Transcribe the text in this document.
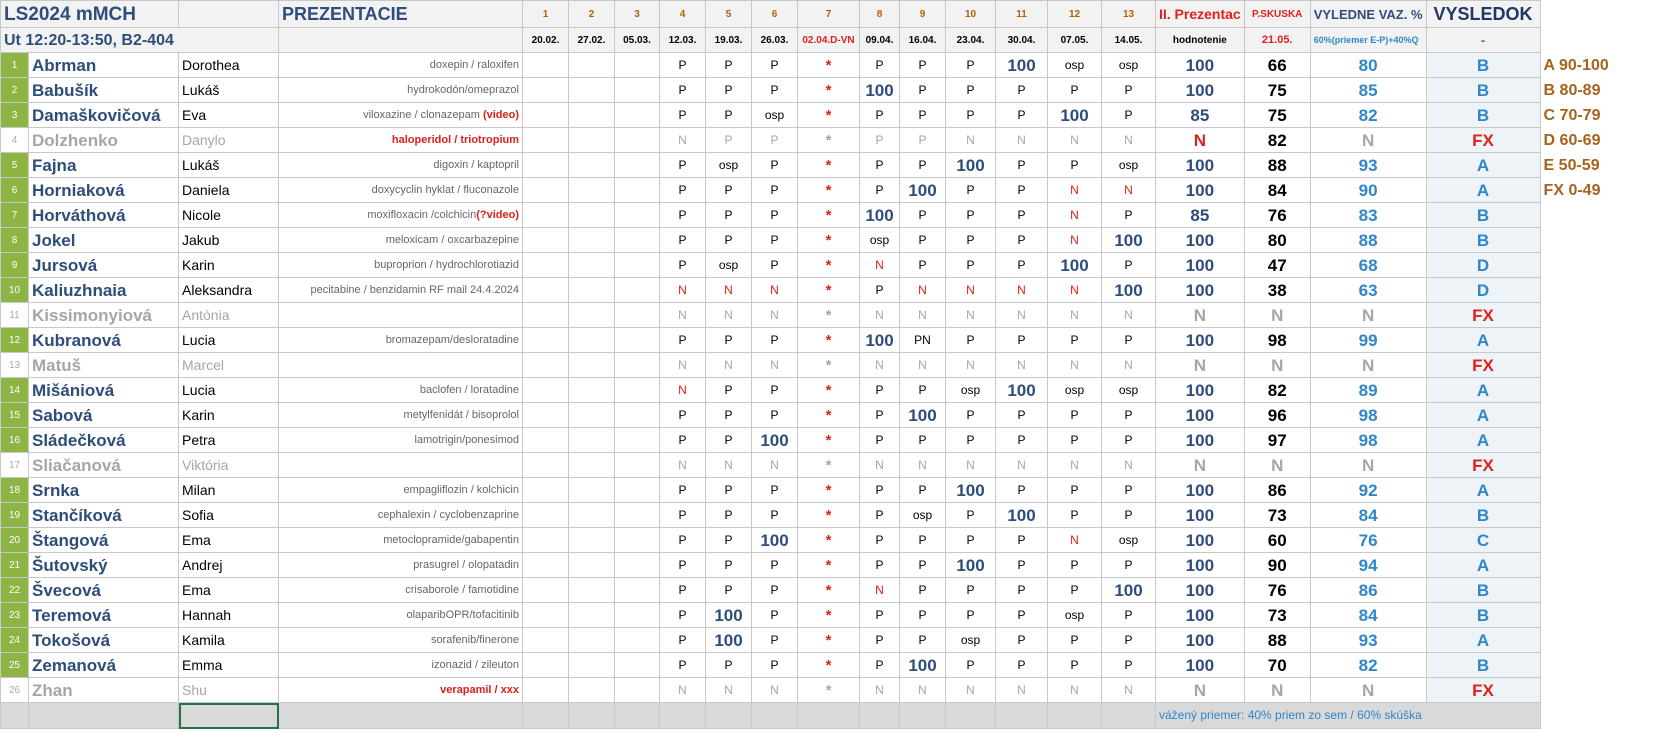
LS2024 mMCH			PREZENTACIE	1	2	3	4	5	6	7	8	9	10	11	12	13	II. Prezentac	P.SKUSKA	VYLEDNE VAZ. %	VYSLEDOK	
Ut 12:20-13:50, B2-404				20.02.	27.02.	05.03.	12.03.	19.03.	26.03.	02.04.D-VN	09.04.	16.04.	23.04.	30.04.	07.05.	14.05.	hodnotenie	21.05.	60%(priemer E-P)+40%Q	-	
1	Abrman	Dorothea	doxepin / raloxifen				P	P	P	*	P	P	P	100	osp	osp	100	66	80	B	A 90-100
2	Babušík	Lukáš	hydrokodón/omeprazol				P	P	P	*	100	P	P	P	P	P	100	75	85	B	B 80-89
3	Damaškovičová	Eva	viloxazine / clonazepam (video)				P	P	osp	*	P	P	P	P	100	P	85	75	82	B	C 70-79
4	Dolzhenko	Danylo	haloperidol / triotropium				N	P	P	*	P	P	N	N	N	N	N	82	N	FX	D 60-69
5	Fajna	Lukáš	digoxin / kaptopril				P	osp	P	*	P	P	100	P	P	osp	100	88	93	A	E 50-59
6	Horniaková	Daniela	doxycyclin hyklat / fluconazole				P	P	P	*	P	100	P	P	N	N	100	84	90	A	FX 0-49
7	Horváthová	Nicole	moxifloxacin /colchicin(?video)				P	P	P	*	100	P	P	P	N	P	85	76	83	B	
8	Jokel	Jakub	meloxicam / oxcarbazepine				P	P	P	*	osp	P	P	P	N	100	100	80	88	B	
9	Jursová	Karin	buproprion / hydrochlorotiazid				P	osp	P	*	N	P	P	P	100	P	100	47	68	D	
10	Kaliuzhnaia	Aleksandra	pecitabine / benzidamin RF mail 24.4.2024				N	N	N	*	P	N	N	N	N	100	100	38	63	D	
11	Kissimonyiová	Antónia					N	N	N	*	N	N	N	N	N	N	N	N	N	FX	
12	Kubranová	Lucia	bromazepam/desloratadine				P	P	P	*	100	PN	P	P	P	P	100	98	99	A	
13	Matuš	Marcel					N	N	N	*	N	N	N	N	N	N	N	N	N	FX	
14	Mišániová	Lucia	baclofen / loratadine				N	P	P	*	P	P	osp	100	osp	osp	100	82	89	A	
15	Sabová	Karin	metylfenidát / bisoprolol				P	P	P	*	P	100	P	P	P	P	100	96	98	A	
16	Sládečková	Petra	lamotrigin/ponesimod				P	P	100	*	P	P	P	P	P	P	100	97	98	A	
17	Sliačanová	Viktória					N	N	N	*	N	N	N	N	N	N	N	N	N	FX	
18	Srnka	Milan	empagliflozin / kolchicin				P	P	P	*	P	P	100	P	P	P	100	86	92	A	
19	Stančíková	Sofia	cephalexin / cyclobenzaprine				P	P	P	*	P	osp	P	100	P	P	100	73	84	B	
20	Štangová	Ema	metoclopramide/gabapentin				P	P	100	*	P	P	P	P	N	osp	100	60	76	C	
21	Šutovský	Andrej	prasugrel / olopatadin				P	P	P	*	P	P	100	P	P	P	100	90	94	A	
22	Švecová	Ema	crisaborole / famotidine				P	P	P	*	N	P	P	P	P	100	100	76	86	B	
23	Teremová	Hannah	olaparibOPR/tofacitinib				P	100	P	*	P	P	P	P	osp	P	100	73	84	B	
24	Tokošová	Kamila	sorafenib/finerone				P	100	P	*	P	P	osp	P	P	P	100	88	93	A	
25	Zemanová	Emma	izonazid / zileuton				P	P	P	*	P	100	P	P	P	P	100	70	82	B	
26	Zhan	Shu	verapamil / xxx				N	N	N	*	N	N	N	N	N	N	N	N	N	FX	
																	vážený priemer: 40% priem zo sem / 60% skúška				
